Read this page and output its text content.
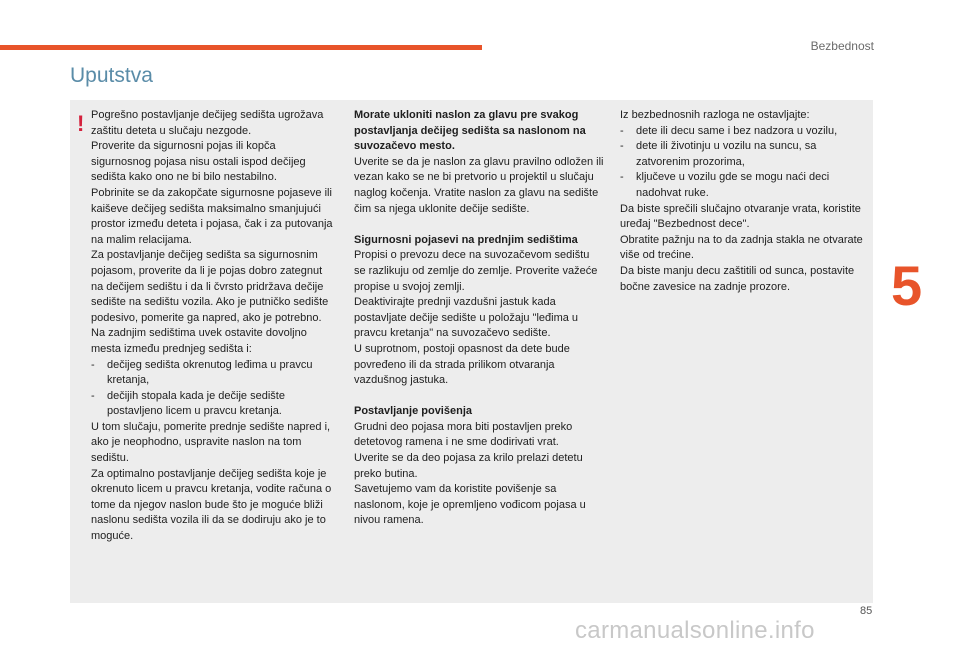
Bezbednost
Uputstva
! Pogrešno postavljanje dečijeg sedišta ugrožava zaštitu deteta u slučaju nezgode.

Proverite da sigurnosni pojas ili kopča sigurnosnog pojasa nisu ostali ispod dečijeg sedišta kako ono ne bi bilo nestabilno.

Pobrinite se da zakopčate sigurnosne pojaseve ili kaiševe dečijeg sedišta maksimalno smanjujući prostor između deteta i pojasa, čak i za putovanja na malim relacijama.

Za postavljanje dečijeg sedišta sa sigurnosnim pojasom, proverite da li je pojas dobro zategnut na dečijem sedištu i da li čvrsto pridržava dečije sedište na sedištu vozila. Ako je putničko sedište podesivo, pomerite ga napred, ako je potrebno.

Na zadnjim sedištima uvek ostavite dovoljno mesta između prednjeg sedišta i:

-	dečijeg sedišta okrenutog leđima u pravcu kretanja,
-	dečijih stopala kada je dečije sedište postavljeno licem u pravcu kretanja.

U tom slučaju, pomerite prednje sedište napred i, ako je neophodno, uspravite naslon na tom sedištu.

Za optimalno postavljanje dečijeg sedišta koje je okrenuto licem u pravcu kretanja, vodite računa o tome da njegov naslon bude što je moguće bliži naslonu sedišta vozila ili da se dodiruju ako je to moguće.

Morate ukloniti naslon za glavu pre svakog postavljanja dečijeg sedišta sa naslonom na suvozačevo mesto.

Uverite se da je naslon za glavu pravilno odložen ili vezan kako se ne bi pretvorio u projektil u slučaju naglog kočenja. Vratite naslon za glavu na sedište čim sa njega uklonite dečije sedište.

Sigurnosni pojasevi na prednjim sedištima

Propisi o prevozu dece na suvozačevom sedištu se razlikuju od zemlje do zemlje. Proverite važeće propise u svojoj zemlji.

Deaktivirajte prednji vazdušni jastuk kada postavljate dečije sedište u položaju "leđima u pravcu kretanja" na suvozačevo sedište.

U suprotnom, postoji opasnost da dete bude povređeno ili da strada prilikom otvaranja vazdušnog jastuka.

Postavljanje povišenja

Grudni deo pojasa mora biti postavljen preko detetovog ramena i ne sme dodirivati vrat.

Uverite se da deo pojasa za krilo prelazi detetu preko butina.

Savetujemo vam da koristite povišenje sa naslonom, koje je opremljeno vođicom pojasa u nivou ramena.

Iz bezbednosnih razloga ne ostavljajte:

-	dete ili decu same i bez nadzora u vozilu,
-	dete ili životinju u vozilu na suncu, sa zatvorenim prozorima,
-	ključeve u vozilu gde se mogu naći deci nadohvat ruke.

Da biste sprečili slučajno otvaranje vrata, koristite uređaj "Bezbednost dece".

Obratite pažnju na to da zadnja stakla ne otvarate više od trećine.

Da biste manju decu zaštitili od sunca, postavite bočne zavesice na zadnje prozore.	5
85
carmanualsonline.info
